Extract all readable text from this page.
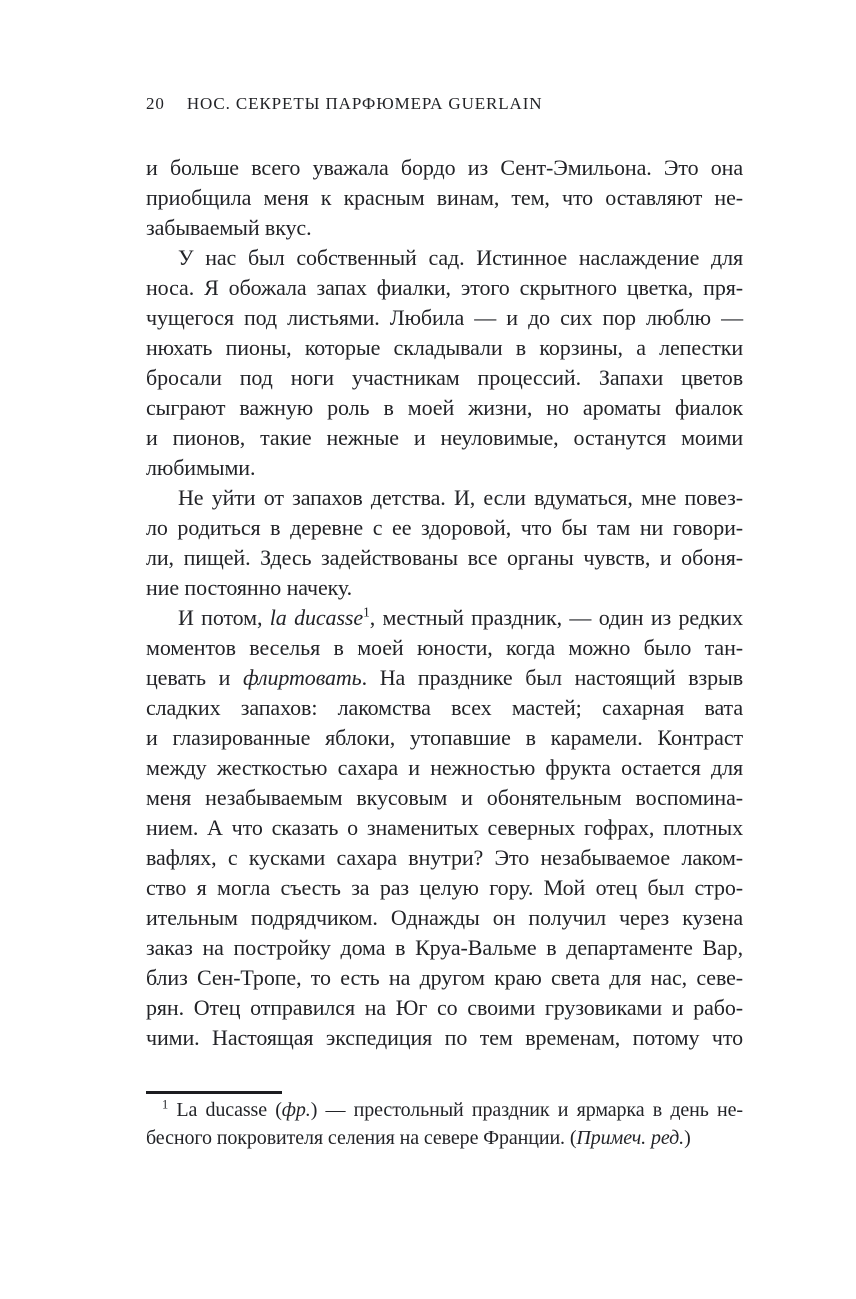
20 НОС. СЕКРЕТЫ ПАРФЮМЕРА GUERLAIN
и больше всего уважала бордо из Сент-Эмильона. Это она
приобщила меня к красным винам, тем, что оставляют не-
забываемый вкус.
У нас был собственный сад. Истинное наслаждение для
носа. Я обожала запах фиалки, этого скрытного цветка, пря-
чущегося под листьями. Любила — и до сих пор люблю —
нюхать пионы, которые складывали в корзины, а лепестки
бросали под ноги участникам процессий. Запахи цветов
сыграют важную роль в моей жизни, но ароматы фиалок
и пионов, такие нежные и неуловимые, останутся моими
любимыми.
Не уйти от запахов детства. И, если вдуматься, мне повез-
ло родиться в деревне с ее здоровой, что бы там ни говори-
ли, пищей. Здесь задействованы все органы чувств, и обоня-
ние постоянно начеку.
И потом, la ducasse$^1$, местный праздник, — один из редких
моментов веселья в моей юности, когда можно было тан-
цевать и флиртовать. На празднике был настоящий взрыв
сладких запахов: лакомства всех мастей; сахарная вата
и глазированные яблоки, утопавшие в карамели. Контраст
между жесткостью сахара и нежностью фрукта остается для
меня незабываемым вкусовым и обонятельным воспомина-
нием. А что сказать о знаменитых северных гофрах, плотных
вафлях, с кусками сахара внутри? Это незабываемое лаком-
ство я могла съесть за раз целую гору. Мой отец был стро-
ительным подрядчиком. Однажды он получил через кузена
заказ на постройку дома в Круа-Вальме в департаменте Вар,
близ Сен-Тропе, то есть на другом краю света для нас, севе-
рян. Отец отправился на Юг со своими грузовиками и рабо-
чими. Настоящая экспедиция по тем временам, потому что
$^1$ La ducasse (фр.) — престольный праздник и ярмарка в день не-
бесного покровителя селения на севере Франции. (Примеч. ред.)
